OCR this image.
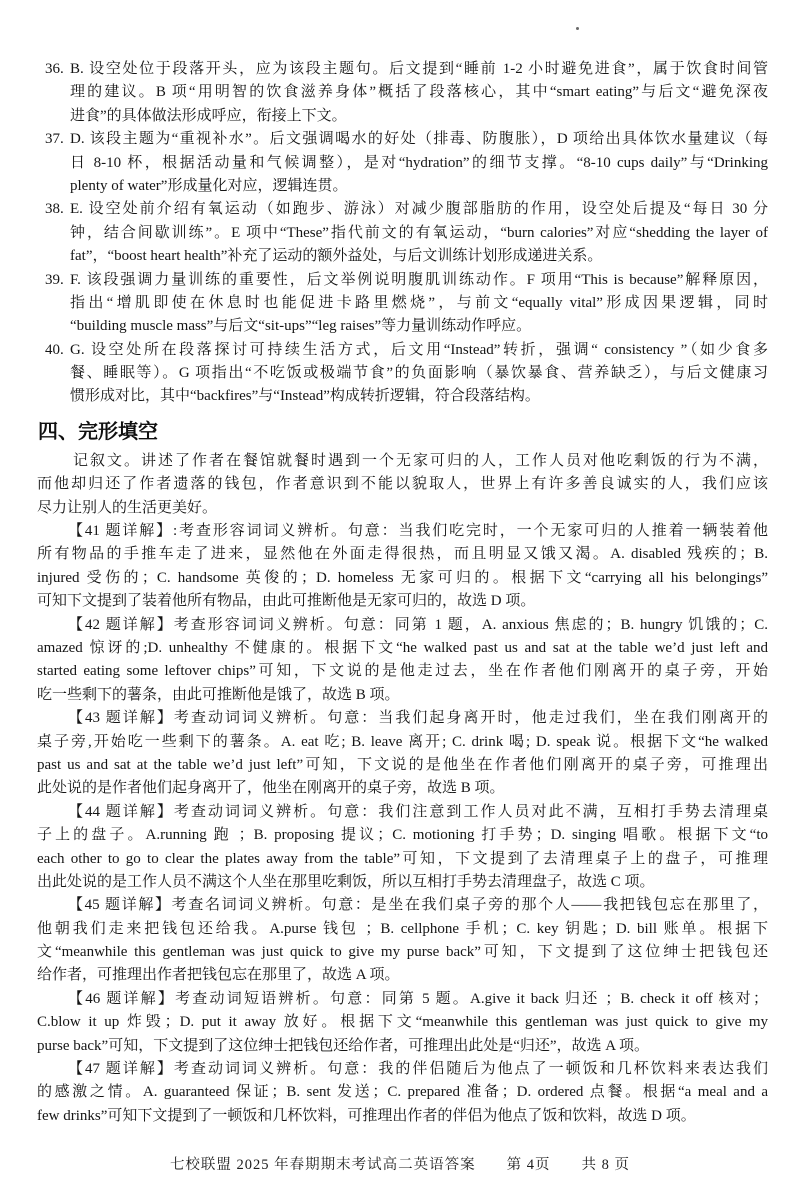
36. B. 设空处位于段落开头，应为该段主题句。后文提到“睡前 1-2 小时避免进食”，属于饮食时间管
理的建议。B 项“用明智的饮食滋养身体”概括了段落核心，其中“smart eating”与后文“避免深夜
进食”的具体做法形成呼应，衔接上下文。
37. D. 该段主题为“重视补水”。后文强调喝水的好处（排毒、防腹胀），D 项给出具体饮水量建议（每
日 8-10 杯，根据活动量和气候调整），是对“hydration”的细节支撑。“8-10 cups daily”与“Drinking
plenty of water”形成量化对应，逻辑连贯。
38. E. 设空处前介绍有氧运动（如跑步、游泳）对减少腹部脂肪的作用，设空处后提及“每日 30 分
钟，结合间歇训练”。E 项中“These”指代前文的有氧运动，“burn calories”对应“shedding the layer of
fat”，“boost heart health”补充了运动的额外益处，与后文训练计划形成递进关系。
39. F. 该段强调力量训练的重要性，后文举例说明腹肌训练动作。F 项用“This is because”解释原因，
指出“增肌即使在休息时也能促进卡路里燃烧”，与前文“equally vital”形成因果逻辑，同时
“building muscle mass”与后文“sit-ups”“leg raises”等力量训练动作呼应。
40. G. 设空处所在段落探讨可持续生活方式，后文用“Instead”转折，强调“ consistency ”（如少食多
餐、睡眠等）。G 项指出“不吃饭或极端节食”的负面影响（暴饮暴食、营养缺乏），与后文健康习
惯形成对比，其中“backfires”与“Instead”构成转折逻辑，符合段落结构。
四、完形填空
记叙文。讲述了作者在餐馆就餐时遇到一个无家可归的人，工作人员对他吃剩饭的行为不满，
而他却归还了作者遗落的钱包，作者意识到不能以貌取人，世界上有许多善良诚实的人，我们应该
尽力让别人的生活更美好。
【41 题详解】:考查形容词词义辨析。句意：当我们吃完时，一个无家可归的人推着一辆装着他
所有物品的手推车走了进来，显然他在外面走得很热，而且明显又饿又渴。A. disabled 残疾的；B.
injured 受伤的；C. handsome 英俊的；D. homeless 无家可归的。根据下文“carrying all his belongings”
可知下文提到了装着他所有物品，由此可推断他是无家可归的，故选 D 项。
【42 题详解】考查形容词词义辨析。句意：同第 1 题，A. anxious 焦虑的；B. hungry 饥饿的；C.
amazed 惊讶的;D. unhealthy 不健康的。根据下文“he walked past us and sat at the table we’d just left and
started eating some leftover chips”可知，下文说的是他走过去，坐在作者他们刚离开的桌子旁，开始
吃一些剩下的薯条，由此可推断他是饿了，故选 B 项。
【43 题详解】考查动词词义辨析。句意：当我们起身离开时，他走过我们，坐在我们刚离开的
桌子旁,开始吃一些剩下的薯条。A. eat 吃; B. leave 离开; C. drink 喝; D. speak 说。根据下文“he walked
past us and sat at the table we’d just left”可知，下文说的是他坐在作者他们刚离开的桌子旁，可推理出
此处说的是作者他们起身离开了，他坐在刚离开的桌子旁，故选 B 项。
【44 题详解】考查动词词义辨析。句意：我们注意到工作人员对此不满，互相打手势去清理桌
子上的盘子。A.running 跑 ；B. proposing 提议；C. motioning 打手势；D. singing 唱歌。根据下文“to
each other to go to clear the plates away from the table”可知，下文提到了去清理桌子上的盘子，可推理
出此处说的是工作人员不满这个人坐在那里吃剩饭，所以互相打手势去清理盘子，故选 C 项。
【45 题详解】考查名词词义辨析。句意：是坐在我们桌子旁的那个人——我把钱包忘在那里了，
他朝我们走来把钱包还给我。A.purse 钱包 ；B. cellphone 手机；C. key 钥匙；D. bill 账单。根据下
文“meanwhile this gentleman was just quick to give my purse back”可知，下文提到了这位绅士把钱包还
给作者，可推理出作者把钱包忘在那里了，故选 A 项。
【46 题详解】考查动词短语辨析。句意：同第 5 题。A.give it back 归还 ；B. check it off 核对；
C.blow it up 炸毁；D. put it away 放好。根据下文“meanwhile this gentleman was just quick to give my
purse back”可知，下文提到了这位绅士把钱包还给作者，可推理出此处是“归还”，故选 A 项。
【47 题详解】考查动词词义辨析。句意：我的伴侣随后为他点了一顿饭和几杯饮料来表达我们
的感激之情。A. guaranteed 保证；B. sent 发送；C. prepared 准备；D. ordered 点餐。根据“a meal and a
few drinks”可知下文提到了一顿饭和几杯饮料，可推理出作者的伴侣为他点了饭和饮料，故选 D 项。
七校联盟 2025 年春期期末考试高二英语答案　　第 4页　　共 8 页
